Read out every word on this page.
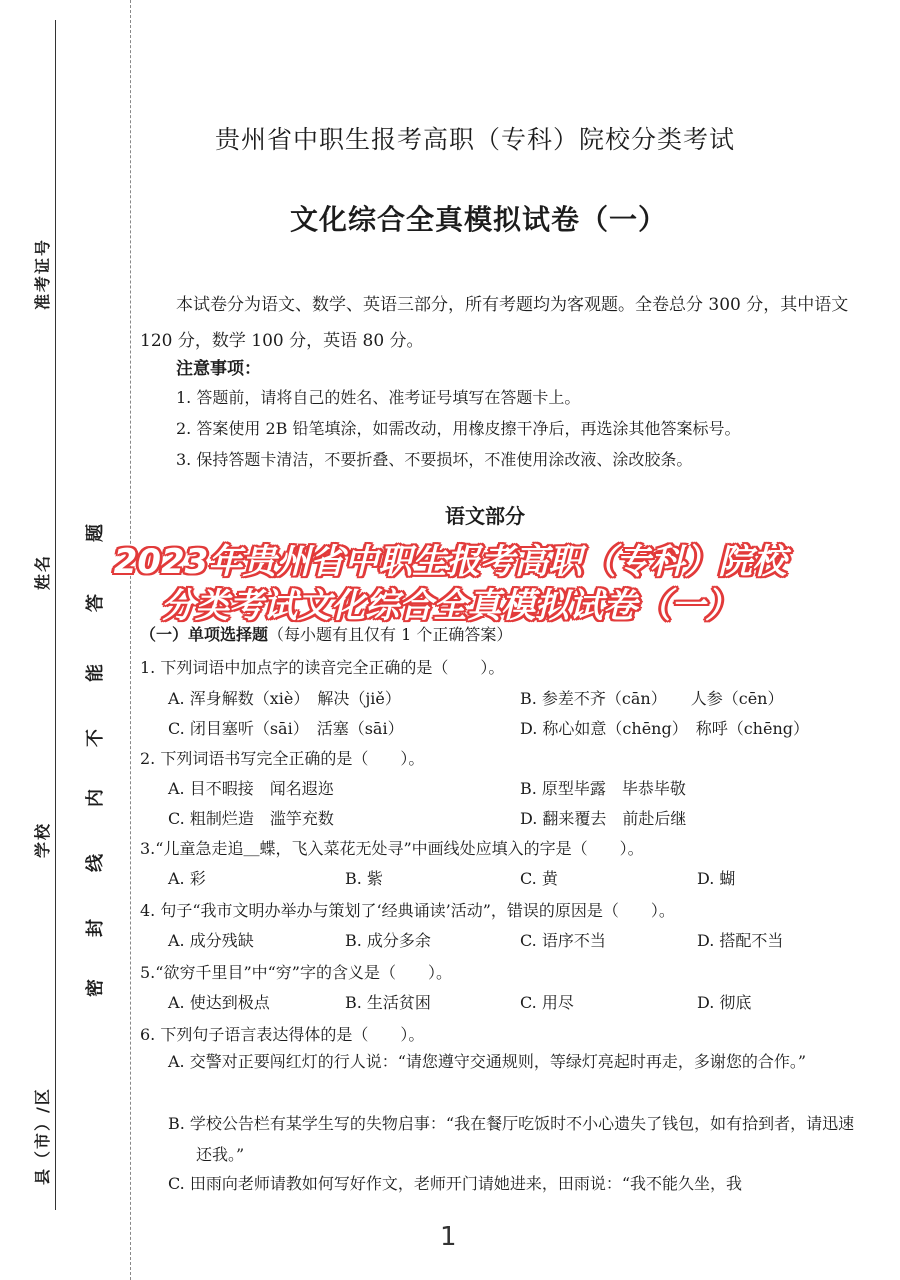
准考证号
姓名
学校
县（市）/区
题
答
能
不
内
线
封
密
贵州省中职生报考高职（专科）院校分类考试
文化综合全真模拟试卷（一）
本试卷分为语文、数学、英语三部分，所有考题均为客观题。全卷总分 300 分，其中语文 120 分，数学 100 分，英语 80 分。
注意事项：
1. 答题前，请将自己的姓名、准考证号填写在答题卡上。
2. 答案使用 2B 铅笔填涂，如需改动，用橡皮擦干净后，再选涂其他答案标号。
3. 保持答题卡清洁，不要折叠、不要损坏，不准使用涂改液、涂改胶条。
语文部分
2023年贵州省中职生报考高职（专科）院校
分类考试文化综合全真模拟试卷（一）
（一）单项选择题（每小题有且仅有 1 个正确答案）
1. 下列词语中加点字的读音完全正确的是（　　）。
A. 浑身解数（xiè）　解决（jiě）	B. 参差不齐（cān）　　人参（cēn）
C. 闭目塞听（sāi）　活塞（sāi）	D. 称心如意（chēng）　称呼（chēng）
2. 下列词语书写完全正确的是（　　）。
A. 目不暇接　闻名遐迩	B. 原型毕露　毕恭毕敬
C. 粗制烂造　滥竽充数	D. 翻来覆去　前赴后继
3.“儿童急走追＿蝶，飞入菜花无处寻”中画线处应填入的字是（　　）。
A. 彩	B. 紫	C. 黄	D. 蝴
4. 句子“我市文明办举办与策划了‘经典诵读’活动”，错误的原因是（　　）。
A. 成分残缺	B. 成分多余	C. 语序不当	D. 搭配不当
5.“欲穷千里目”中“穷”字的含义是（　　）。
A. 使达到极点	B. 生活贫困	C. 用尽	D. 彻底
6. 下列句子语言表达得体的是（　　）。
A. 交警对正要闯红灯的行人说：“请您遵守交通规则，等绿灯亮起时再走，多谢您的合作。”
B. 学校公告栏有某学生写的失物启事：“我在餐厅吃饭时不小心遗失了钱包，如有拾到者，请迅速还我。”
C. 田雨向老师请教如何写好作文，老师开门请她进来，田雨说：“我不能久坐，我
1
